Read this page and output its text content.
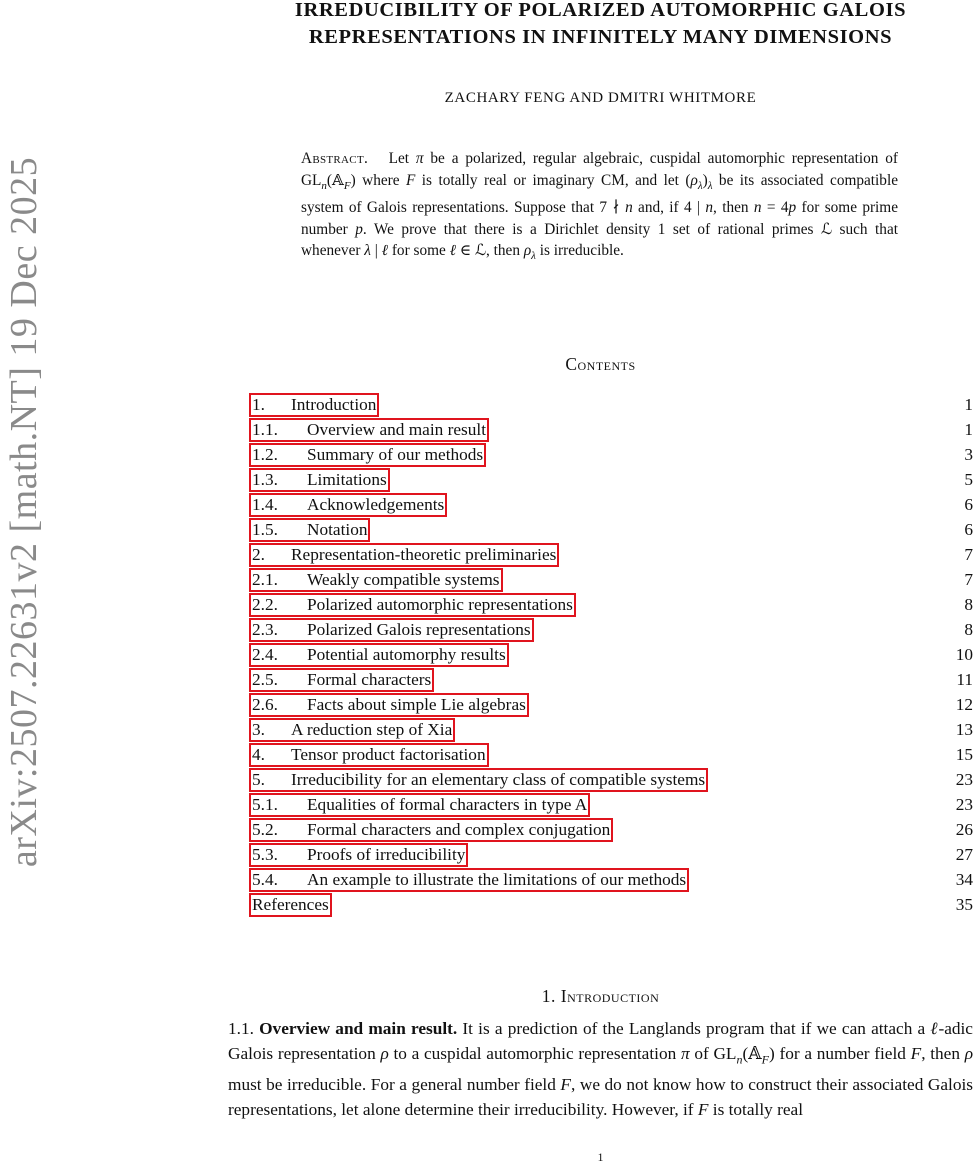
arXiv:2507.22631v2 [math.NT] 19 Dec 2025
IRREDUCIBILITY OF POLARIZED AUTOMORPHIC GALOIS
REPRESENTATIONS IN INFINITELY MANY DIMENSIONS
ZACHARY FENG AND DMITRI WHITMORE
Abstract.   Let π be a polarized, regular algebraic, cuspidal automorphic representation of $GL_n(𝔸_F)$ where F is totally real or imaginary CM, and let $(\rho_\lambda)_\lambda$ be its associated compatible system of Galois representations. Suppose that 7 ∤ n and, if 4 | n, then n = 4p for some prime number p. We prove that there is a Dirichlet density 1 set of rational primes ℒ such that whenever λ | ℓ for some ℓ ∈ ℒ, then $\rho_\lambda$ is irreducible.
Contents
1. Introduction	1
1.1. Overview and main result	1
1.2. Summary of our methods	3
1.3. Limitations	5
1.4. Acknowledgements	6
1.5. Notation	6
2. Representation-theoretic preliminaries	7
2.1. Weakly compatible systems	7
2.2. Polarized automorphic representations	8
2.3. Polarized Galois representations	8
2.4. Potential automorphy results	10
2.5. Formal characters	11
2.6. Facts about simple Lie algebras	12
3. A reduction step of Xia	13
4. Tensor product factorisation	15
5. Irreducibility for an elementary class of compatible systems	23
5.1. Equalities of formal characters in type A	23
5.2. Formal characters and complex conjugation	26
5.3. Proofs of irreducibility	27
5.4. An example to illustrate the limitations of our methods	34
References	35
1. Introduction
1.1. Overview and main result. It is a prediction of the Langlands program that if we can attach a ℓ-adic Galois representation ρ to a cuspidal automorphic representation π of $GL_n(𝔸_F)$ for a number field F, then ρ must be irreducible. For a general number field F, we do not know how to construct their associated Galois representations, let alone determine their irreducibility. However, if F is totally real
1
